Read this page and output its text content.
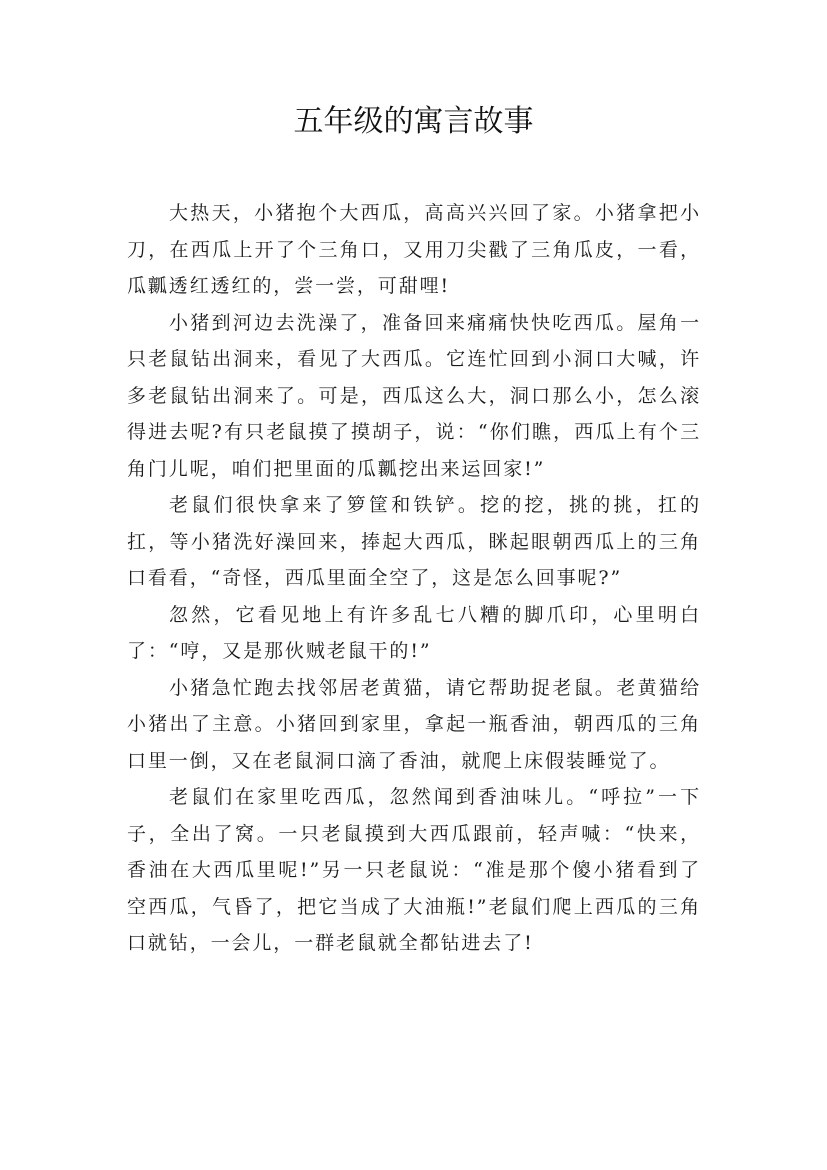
五年级的寓言故事

大热天，小猪抱个大西瓜，高高兴兴回了家。小猪拿把小刀，在西瓜上开了个三角口，又用刀尖戳了三角瓜皮，一看，瓜瓤透红透红的，尝一尝，可甜哩!

小猪到河边去洗澡了，准备回来痛痛快快吃西瓜。屋角一只老鼠钻出洞来，看见了大西瓜。它连忙回到小洞口大喊，许多老鼠钻出洞来了。可是，西瓜这么大，洞口那么小，怎么滚得进去呢?有只老鼠摸了摸胡子，说：“你们瞧，西瓜上有个三角门儿呢，咱们把里面的瓜瓤挖出来运回家!”

老鼠们很快拿来了箩筐和铁铲。挖的挖，挑的挑，扛的扛，等小猪洗好澡回来，捧起大西瓜，眯起眼朝西瓜上的三角口看看，“奇怪，西瓜里面全空了，这是怎么回事呢?”

忽然，它看见地上有许多乱七八糟的脚爪印，心里明白了：“哼，又是那伙贼老鼠干的!”

小猪急忙跑去找邻居老黄猫，请它帮助捉老鼠。老黄猫给小猪出了主意。小猪回到家里，拿起一瓶香油，朝西瓜的三角口里一倒，又在老鼠洞口滴了香油，就爬上床假装睡觉了。

老鼠们在家里吃西瓜，忽然闻到香油味儿。“呼拉”一下子，全出了窝。一只老鼠摸到大西瓜跟前，轻声喊：“快来，香油在大西瓜里呢!”另一只老鼠说：“准是那个傻小猪看到了空西瓜，气昏了，把它当成了大油瓶!”老鼠们爬上西瓜的三角口就钻，一会儿，一群老鼠就全都钻进去了!
